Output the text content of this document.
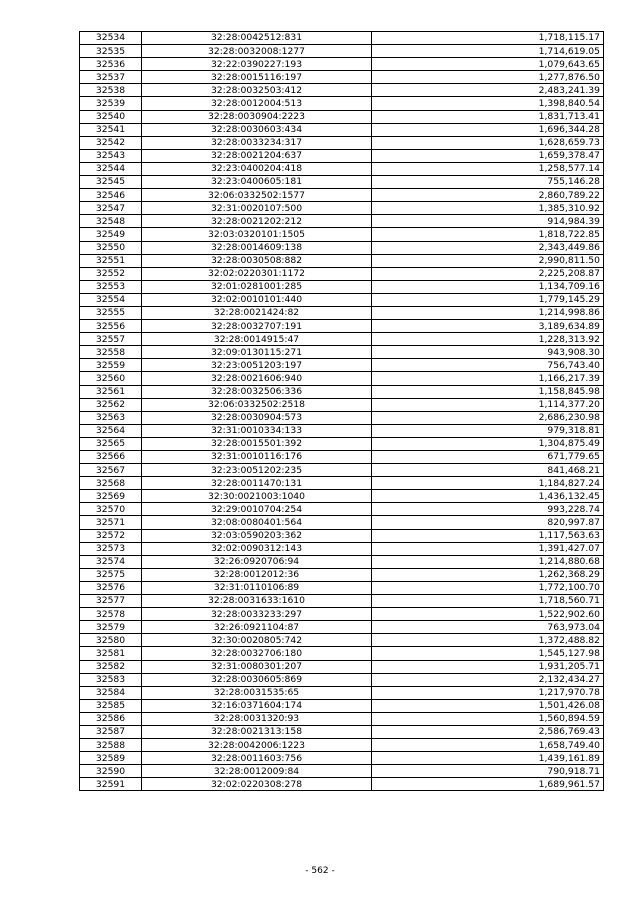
32534	32:28:0042512:831	1,718,115.17
32535	32:28:0032008:1277	1,714,619.05
32536	32:22:0390227:193	1,079,643.65
32537	32:28:0015116:197	1,277,876.50
32538	32:28:0032503:412	2,483,241.39
32539	32:28:0012004:513	1,398,840.54
32540	32:28:0030904:2223	1,831,713.41
32541	32:28:0030603:434	1,696,344.28
32542	32:28:0033234:317	1,628,659.73
32543	32:28:0021204:637	1,659,378.47
32544	32:23:0400204:418	1,258,577.14
32545	32:23:0400605:181	755,146.28
32546	32:06:0332502:1577	2,860,789.22
32547	32:31:0020107:500	1,385,310.92
32548	32:28:0021202:212	914,984.39
32549	32:03:0320101:1505	1,818,722.85
32550	32:28:0014609:138	2,343,449.86
32551	32:28:0030508:882	2,990,811.50
32552	32:02:0220301:1172	2,225,208.87
32553	32:01:0281001:285	1,134,709.16
32554	32:02:0010101:440	1,779,145.29
32555	32:28:0021424:82	1,214,998.86
32556	32:28:0032707:191	3,189,634.89
32557	32:28:0014915:47	1,228,313.92
32558	32:09:0130115:271	943,908.30
32559	32:23:0051203:197	756,743.40
32560	32:28:0021606:940	1,166,217.39
32561	32:28:0032506:336	1,158,845.98
32562	32:06:0332502:2518	1,114,377.20
32563	32:28:0030904:573	2,686,230.98
32564	32:31:0010334:133	979,318.81
32565	32:28:0015501:392	1,304,875.49
32566	32:31:0010116:176	671,779.65
32567	32:23:0051202:235	841,468.21
32568	32:28:0011470:131	1,184,827.24
32569	32:30:0021003:1040	1,436,132.45
32570	32:29:0010704:254	993,228.74
32571	32:08:0080401:564	820,997.87
32572	32:03:0590203:362	1,117,563.63
32573	32:02:0090312:143	1,391,427.07
32574	32:26:0920706:94	1,214,880.68
32575	32:28:0012012:36	1,262,368.29
32576	32:31:0110106:89	1,772,100.70
32577	32:28:0031633:1610	1,718,560.71
32578	32:28:0033233:297	1,522,902.60
32579	32:26:0921104:87	763,973.04
32580	32:30:0020805:742	1,372,488.82
32581	32:28:0032706:180	1,545,127.98
32582	32:31:0080301:207	1,931,205.71
32583	32:28:0030605:869	2,132,434.27
32584	32:28:0031535:65	1,217,970.78
32585	32:16:0371604:174	1,501,426.08
32586	32:28:0031320:93	1,560,894.59
32587	32:28:0021313:158	2,586,769.43
32588	32:28:0042006:1223	1,658,749.40
32589	32:28:0011603:756	1,439,161.89
32590	32:28:0012009:84	790,918.71
32591	32:02:0220308:278	1,689,961.57
- 562 -
